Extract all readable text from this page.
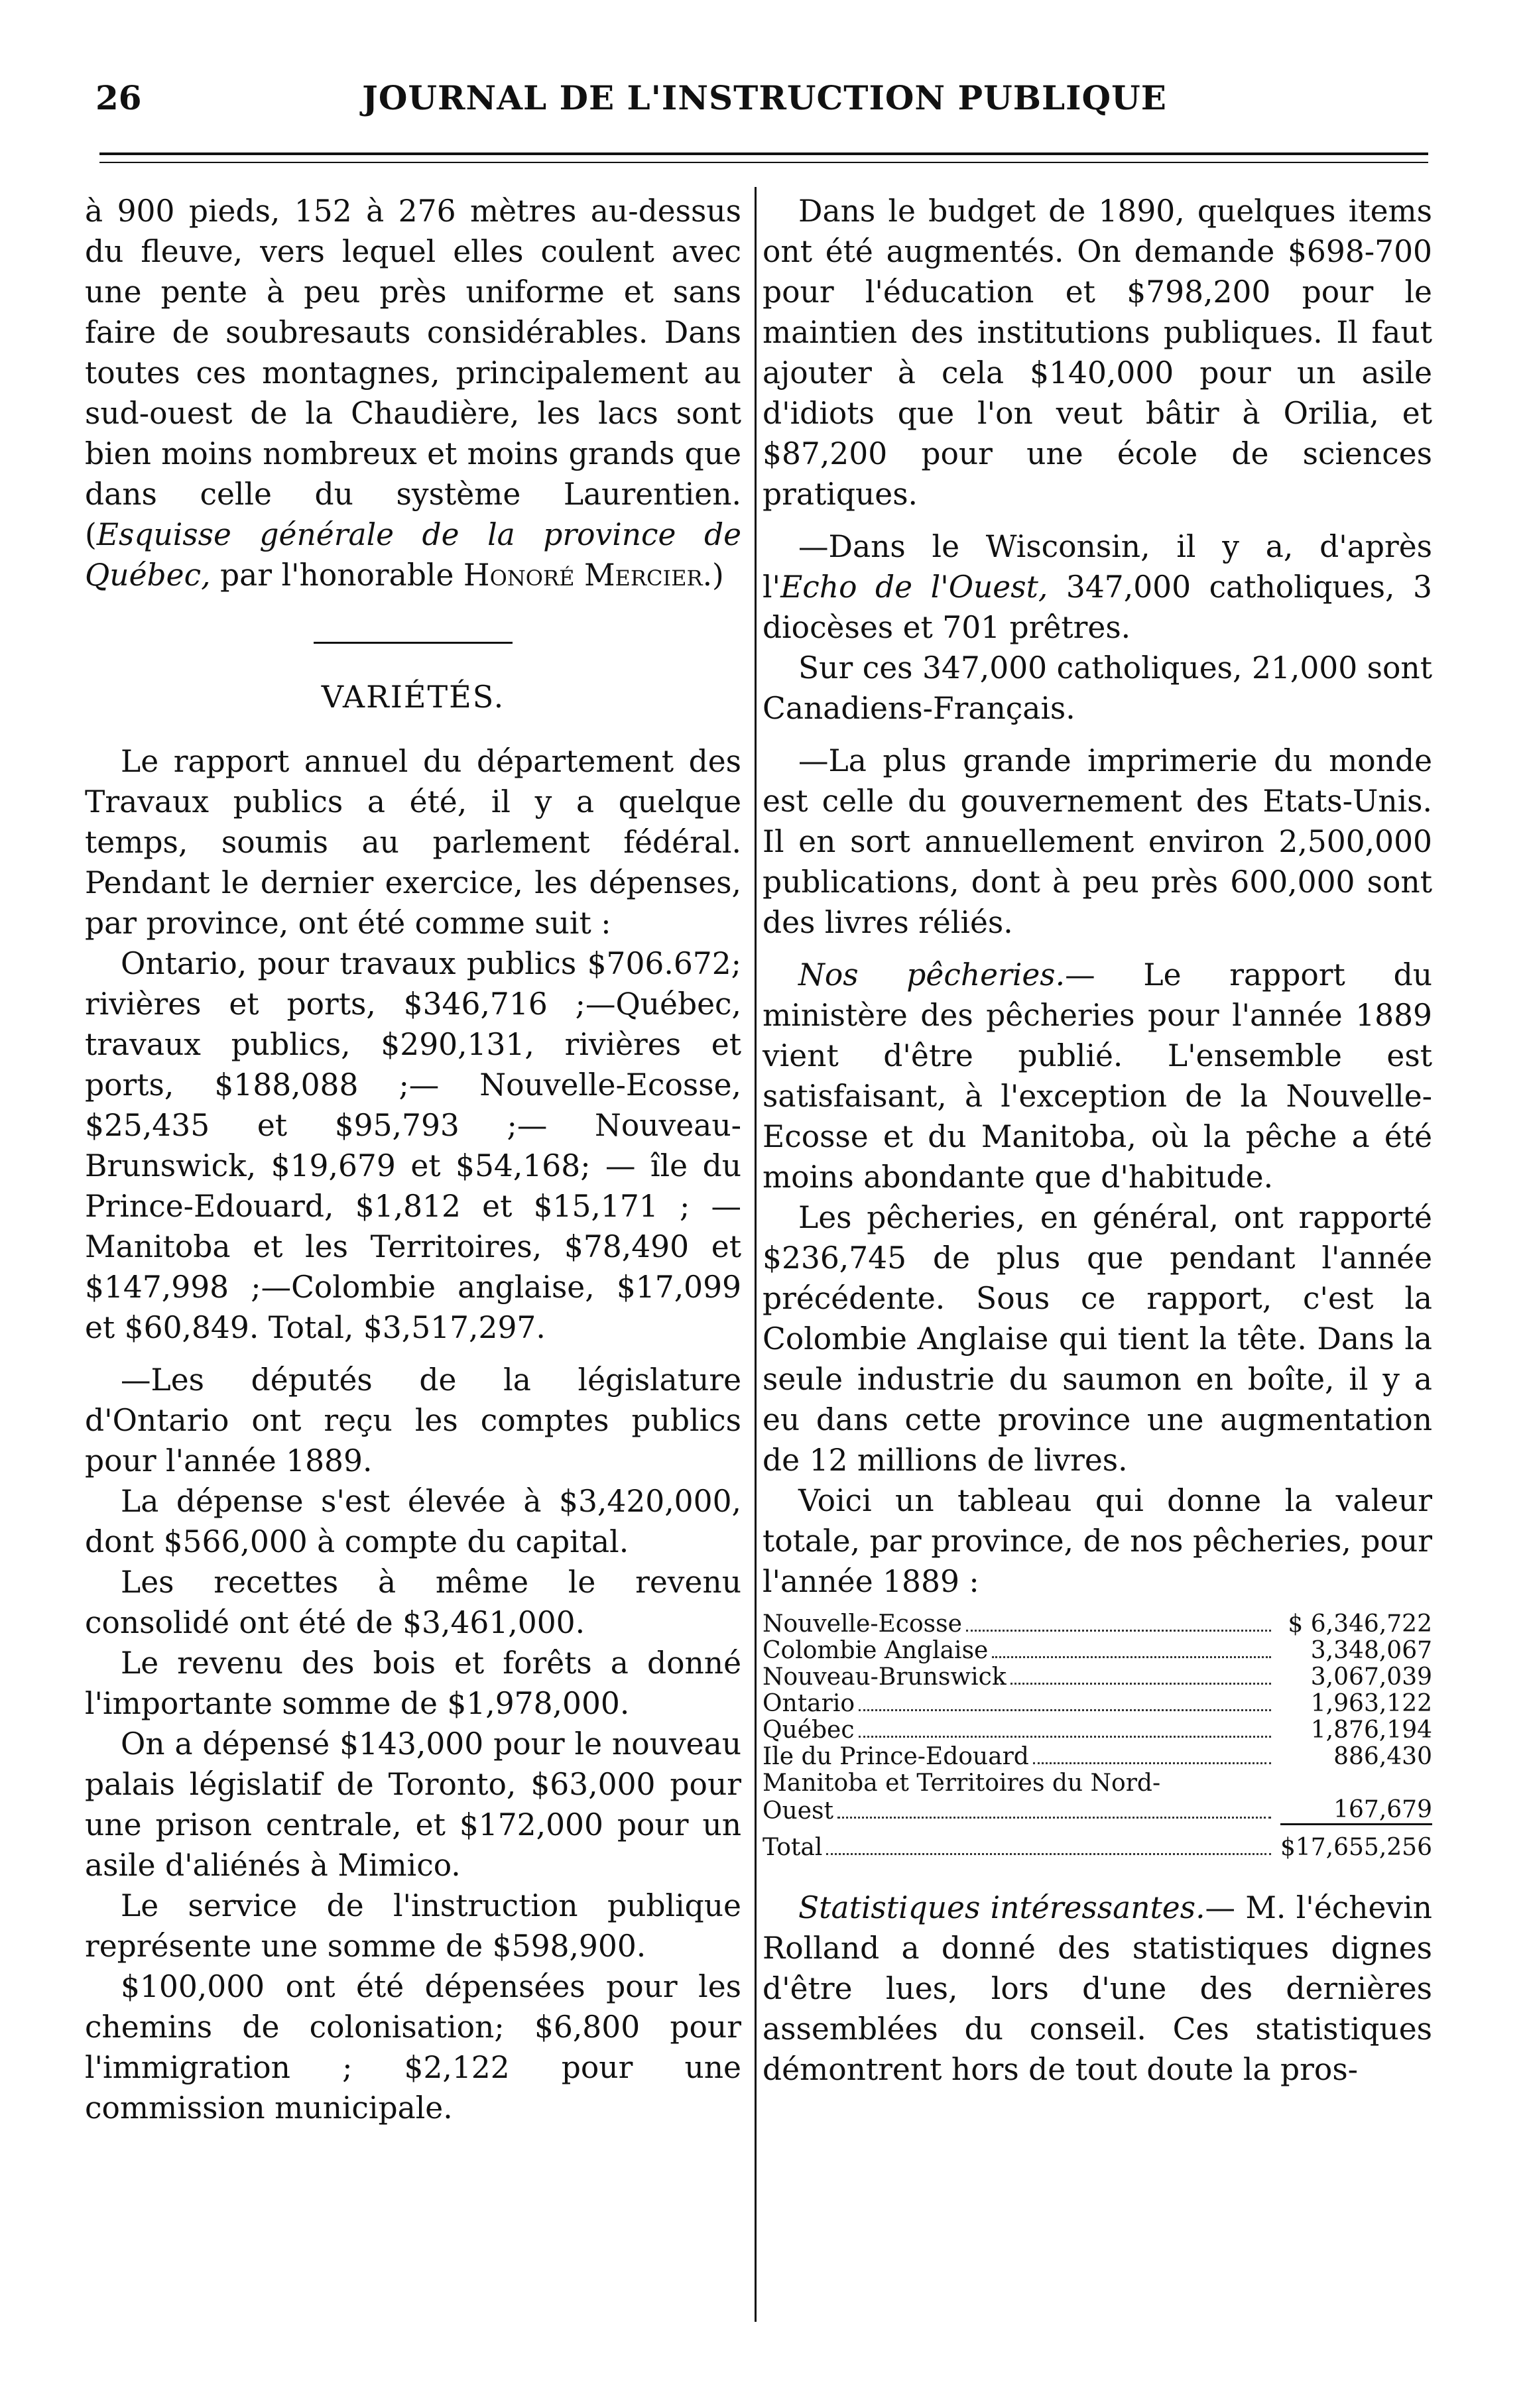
26	JOURNAL DE L'INSTRUCTION PUBLIQUE

à 900 pieds, 152 à 276 mètres au-dessus du fleuve, vers lequel elles coulent avec une pente à peu près uniforme et sans faire de soubresauts considérables. Dans toutes ces montagnes, principalement au sud-ouest de la Chaudière, les lacs sont bien moins nombreux et moins grands que dans celle du système Laurentien. (Esquisse générale de la province de Québec, par l'honorable Honoré Mercier.)

VARIÉTÉS.

Le rapport annuel du département des Travaux publics a été, il y a quelque temps, soumis au parlement fédéral. Pendant le dernier exercice, les dépenses, par province, ont été comme suit :

Ontario, pour travaux publics $706.672; rivières et ports, $346,716 ;—Québec, travaux publics, $290,131, rivières et ports, $188,088 ;— Nouvelle-Ecosse, $25,435 et $95,793 ;— Nouveau-Brunswick, $19,679 et $54,168; — île du Prince-Edouard, $1,812 et $15,171 ; — Manitoba et les Territoires, $78,490 et $147,998 ;—Colombie anglaise, $17,099 et $60,849. Total, $3,517,297.

—Les députés de la législature d'Ontario ont reçu les comptes publics pour l'année 1889.

La dépense s'est élevée à $3,420,000, dont $566,000 à compte du capital.

Les recettes à même le revenu consolidé ont été de $3,461,000.

Le revenu des bois et forêts a donné l'importante somme de $1,978,000.

On a dépensé $143,000 pour le nouveau palais législatif de Toronto, $63,000 pour une prison centrale, et $172,000 pour un asile d'aliénés à Mimico.

Le service de l'instruction publique représente une somme de $598,900.

$100,000 ont été dépensées pour les chemins de colonisation; $6,800 pour l'immigration ; $2,122 pour une commission municipale.

Dans le budget de 1890, quelques items ont été augmentés. On demande $698-700 pour l'éducation et $798,200 pour le maintien des institutions publiques. Il faut ajouter à cela $140,000 pour un asile d'idiots que l'on veut bâtir à Orilia, et $87,200 pour une école de sciences pratiques.

—Dans le Wisconsin, il y a, d'après l'Echo de l'Ouest, 347,000 catholiques, 3 diocèses et 701 prêtres.

Sur ces 347,000 catholiques, 21,000 sont Canadiens-Français.

—La plus grande imprimerie du monde est celle du gouvernement des Etats-Unis. Il en sort annuellement environ 2,500,000 publications, dont à peu près 600,000 sont des livres réliés.

Nos pêcheries.— Le rapport du ministère des pêcheries pour l'année 1889 vient d'être publié. L'ensemble est satisfaisant, à l'exception de la Nouvelle-Ecosse et du Manitoba, où la pêche a été moins abondante que d'habitude.

Les pêcheries, en général, ont rapporté $236,745 de plus que pendant l'année précédente. Sous ce rapport, c'est la Colombie Anglaise qui tient la tête. Dans la seule industrie du saumon en boîte, il y a eu dans cette province une augmentation de 12 millions de livres.

Voici un tableau qui donne la valeur totale, par province, de nos pêcheries, pour l'année 1889 :

Nouvelle-Ecosse	$ 6,346,722

Colombie Anglaise	3,348,067

Nouveau-Brunswick	3,067,039

Ontario	1,963,122

Québec	1,876,194

Ile du Prince-Edouard	886,430
Manitoba et Territoires du Nord-	

Ouest	167,679

Total	$17,655,256

Statistiques intéressantes.— M. l'échevin Rolland a donné des statistiques dignes d'être lues, lors d'une des dernières assemblées du conseil. Ces statistiques démontrent hors de tout doute la pros-
